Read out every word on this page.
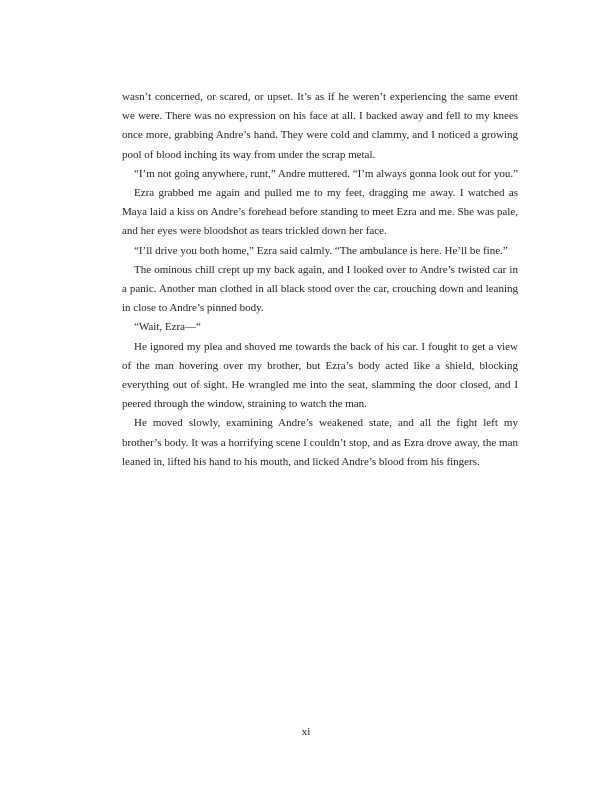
wasn’t concerned, or scared, or upset. It’s as if he weren’t experiencing the same event we were. There was no expression on his face at all. I backed away and fell to my knees once more, grabbing Andre’s hand. They were cold and clammy, and I noticed a growing pool of blood inching its way from under the scrap metal.

“I’m not going anywhere, runt,” Andre muttered. “I’m always gonna look out for you.”

Ezra grabbed me again and pulled me to my feet, dragging me away. I watched as Maya laid a kiss on Andre’s forehead before standing to meet Ezra and me. She was pale, and her eyes were bloodshot as tears trickled down her face.

“I’ll drive you both home,” Ezra said calmly. “The ambulance is here. He’ll be fine.”

The ominous chill crept up my back again, and I looked over to Andre’s twisted car in a panic. Another man clothed in all black stood over the car, crouching down and leaning in close to Andre’s pinned body.

“Wait, Ezra—“

He ignored my plea and shoved me towards the back of his car. I fought to get a view of the man hovering over my brother, but Ezra’s body acted like a shield, blocking everything out of sight. He wrangled me into the seat, slamming the door closed, and I peered through the window, straining to watch the man.

He moved slowly, examining Andre’s weakened state, and all the fight left my brother’s body. It was a horrifying scene I couldn’t stop, and as Ezra drove away, the man leaned in, lifted his hand to his mouth, and licked Andre’s blood from his fingers.

xi
